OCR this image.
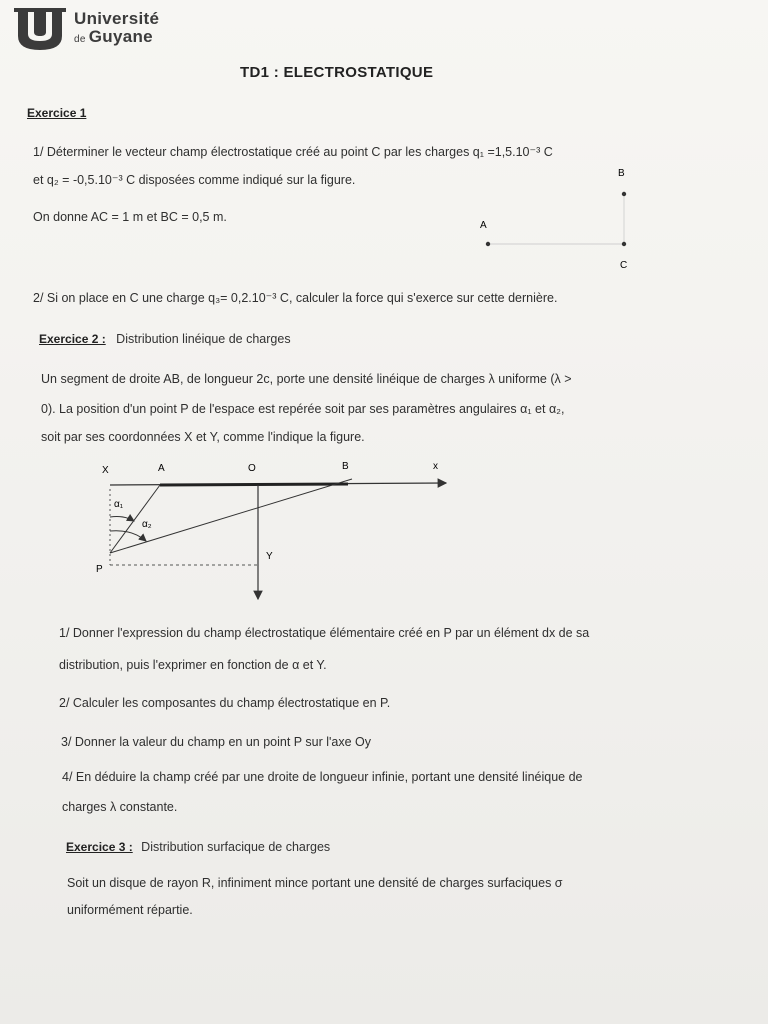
Université
de Guyane
TD1 : ELECTROSTATIQUE
Exercice 1
1/ Déterminer le vecteur champ électrostatique créé au point C par les charges q₁ =1,5.10⁻³ C
et q₂ = -0,5.10⁻³ C disposées comme indiqué sur la figure.
On donne AC = 1 m et BC = 0,5 m.
A
B
C
2/ Si on place en C une charge q₃= 0,2.10⁻³ C, calculer la force qui s'exerce sur cette dernière.
Exercice 2 : Distribution linéique de charges
Un segment de droite AB, de longueur 2c, porte une densité linéique de charges λ uniforme (λ >
0). La position d'un point P de l'espace est repérée soit par ses paramètres angulaires α₁ et α₂,
soit par ses coordonnées X et Y, comme l'indique la figure.
X	A	O	B	x
α₁
α₂
Y
P
1/ Donner l'expression du champ électrostatique élémentaire créé en P par un élément dx de sa
distribution, puis l'exprimer en fonction de α et Y.
2/ Calculer les composantes du champ électrostatique en P.
3/ Donner la valeur du champ en un point P sur l'axe Oy
4/ En déduire la champ créé par une droite de longueur infinie, portant une densité linéique de
charges λ constante.
Exercice 3 : Distribution surfacique de charges
Soit un disque de rayon R, infiniment mince portant une densité de charges surfaciques σ
uniformément répartie.
